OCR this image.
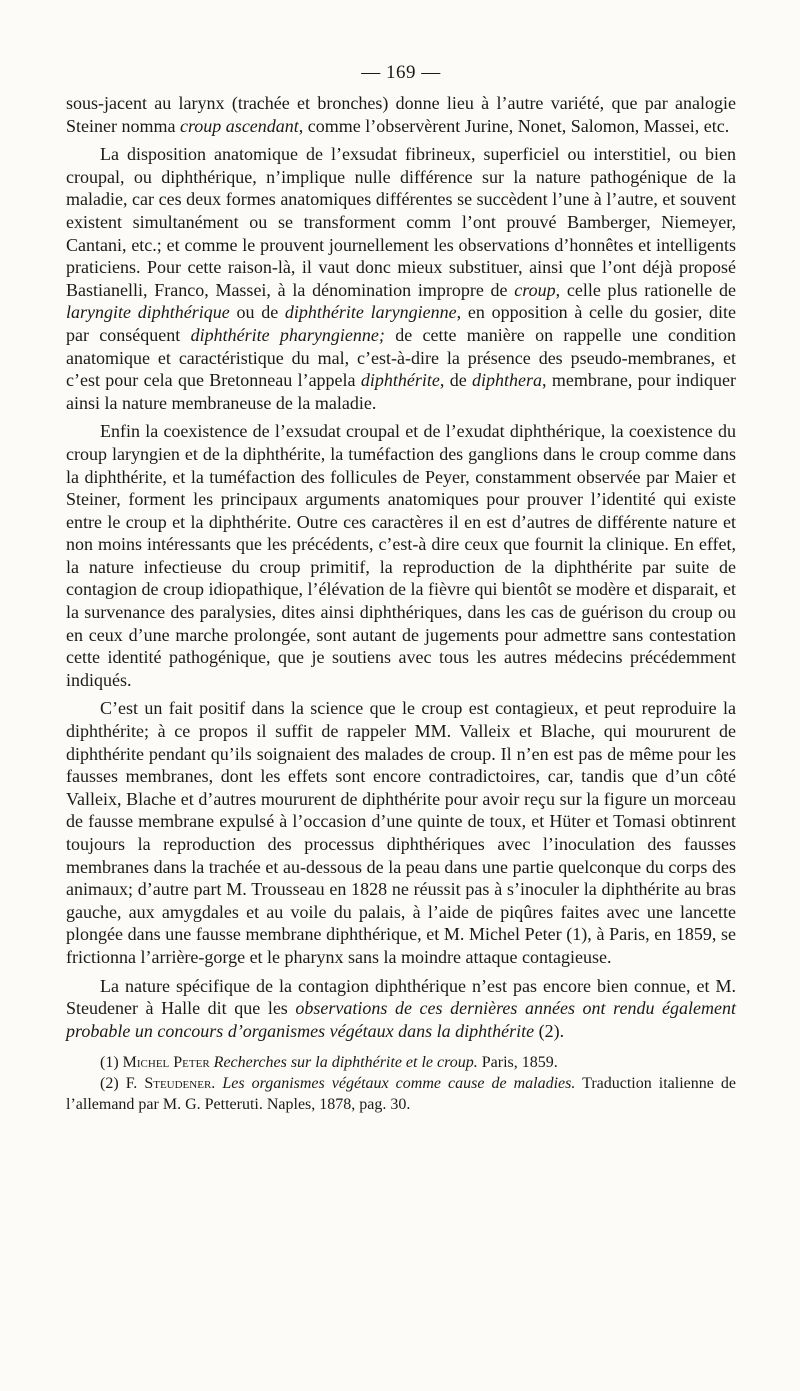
— 169 —

sous-jacent au larynx (trachée et bronches) donne lieu à l’autre variété, que par analogie Steiner nomma croup ascendant, comme l’observèrent Jurine, Nonet, Salomon, Massei, etc.

La disposition anatomique de l’exsudat fibrineux, superficiel ou interstitiel, ou bien croupal, ou diphthérique, n’implique nulle différence sur la nature pathogénique de la maladie, car ces deux formes anatomiques différentes se succèdent l’une à l’autre, et souvent existent simultanément ou se transforment comm l’ont prouvé Bamberger, Niemeyer, Cantani, etc.; et comme le prouvent journellement les observations d’honnêtes et intelligents praticiens. Pour cette raison-là, il vaut donc mieux substituer, ainsi que l’ont déjà proposé Bastianelli, Franco, Massei, à la dénomination impropre de croup, celle plus rationelle de laryngite diphthérique ou de diphthérite laryngienne, en opposition à celle du gosier, dite par conséquent diphthérite pharyngienne; de cette manière on rappelle une condition anatomique et caractéristique du mal, c’est-à-dire la présence des pseudo-membranes, et c’est pour cela que Bretonneau l’appela diphthérite, de diphthera, membrane, pour indiquer ainsi la nature membraneuse de la maladie.

Enfin la coexistence de l’exsudat croupal et de l’exudat diphthérique, la coexistence du croup laryngien et de la diphthérite, la tuméfaction des ganglions dans le croup comme dans la diphthérite, et la tuméfaction des follicules de Peyer, constamment observée par Maier et Steiner, forment les principaux arguments anatomiques pour prouver l’identité qui existe entre le croup et la diphthérite. Outre ces caractères il en est d’autres de différente nature et non moins intéressants que les précédents, c’est-à dire ceux que fournit la clinique. En effet, la nature infectieuse du croup primitif, la reproduction de la diphthérite par suite de contagion de croup idiopathique, l’élévation de la fièvre qui bientôt se modère et disparait, et la survenance des paralysies, dites ainsi diphthériques, dans les cas de guérison du croup ou en ceux d’une marche prolongée, sont autant de jugements pour admettre sans contestation cette identité pathogénique, que je soutiens avec tous les autres médecins précédemment indiqués.

C’est un fait positif dans la science que le croup est contagieux, et peut reproduire la diphthérite; à ce propos il suffit de rappeler MM. Valleix et Blache, qui moururent de diphthérite pendant qu’ils soignaient des malades de croup. Il n’en est pas de même pour les fausses membranes, dont les effets sont encore contradictoires, car, tandis que d’un côté Valleix, Blache et d’autres moururent de diphthérite pour avoir reçu sur la figure un morceau de fausse membrane expulsé à l’occasion d’une quinte de toux, et Hüter et Tomasi obtinrent toujours la reproduction des processus diphthériques avec l’inoculation des fausses membranes dans la trachée et au-dessous de la peau dans une partie quelconque du corps des animaux; d’autre part M. Trousseau en 1828 ne réussit pas à s’inoculer la diphthérite au bras gauche, aux amygdales et au voile du palais, à l’aide de piqûres faites avec une lancette plongée dans une fausse membrane diphthérique, et M. Michel Peter (1), à Paris, en 1859, se frictionna l’arrière-gorge et le pharynx sans la moindre attaque contagieuse.

La nature spécifique de la contagion diphthérique n’est pas encore bien connue, et M. Steudener à Halle dit que les observations de ces dernières années ont rendu également probable un concours d’organismes végétaux dans la diphthérite (2).

(1) Michel Peter Recherches sur la diphthérite et le croup. Paris, 1859.

(2) F. Steudener. Les organismes végétaux comme cause de maladies. Traduction italienne de l’allemand par M. G. Petteruti. Naples, 1878, pag. 30.
